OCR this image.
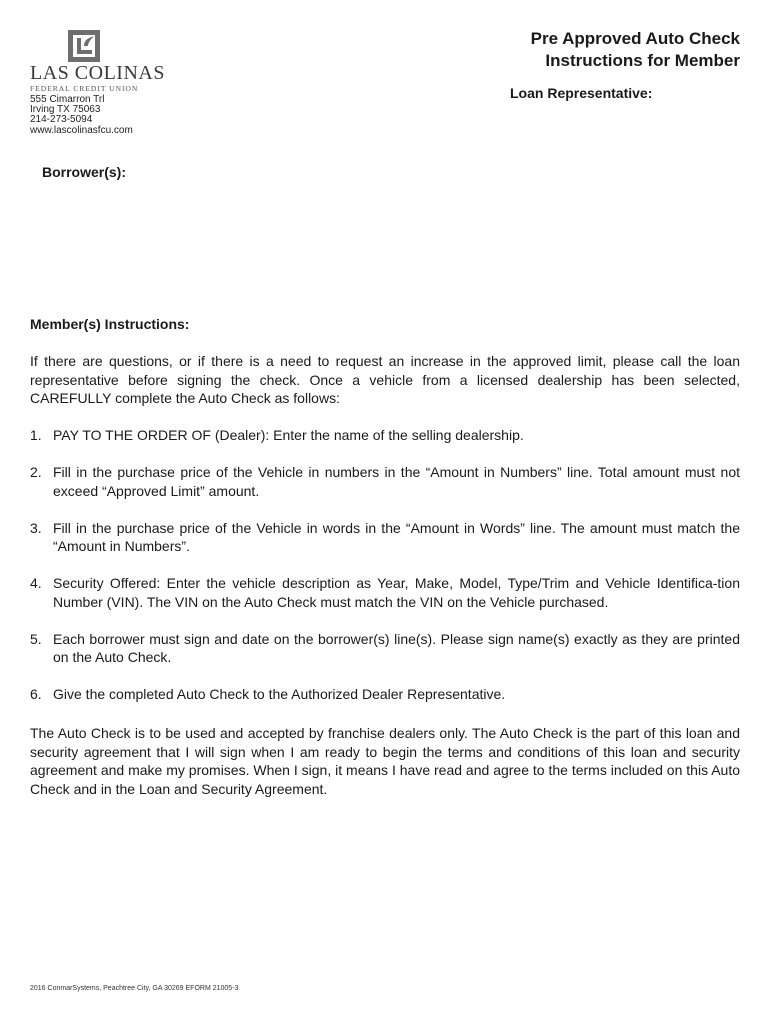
LAS COLINAS
FEDERAL CREDIT UNION
555 Cimarron Trl
Irving TX 75063
214-273-5094
www.lascolinasfcu.com
Pre Approved Auto Check
Instructions for Member
Loan Representative:
Borrower(s):
Member(s) Instructions:
If there are questions, or if there is a need to request an increase in the approved limit, please call the loan representative before signing the check. Once a vehicle from a licensed dealership has been selected, CAREFULLY complete the Auto Check as follows:
1. PAY TO THE ORDER OF (Dealer): Enter the name of the selling dealership.
2. Fill in the purchase price of the Vehicle in numbers in the “Amount in Numbers” line. Total amount must not exceed “Approved Limit” amount.
3. Fill in the purchase price of the Vehicle in words in the “Amount in Words” line. The amount must match the “Amount in Numbers”.
4. Security Offered: Enter the vehicle description as Year, Make, Model, Type/Trim and Vehicle Identifica-tion Number (VIN). The VIN on the Auto Check must match the VIN on the Vehicle purchased.
5. Each borrower must sign and date on the borrower(s) line(s). Please sign name(s) exactly as they are printed on the Auto Check.
6. Give the completed Auto Check to the Authorized Dealer Representative.
The Auto Check is to be used and accepted by franchise dealers only. The Auto Check is the part of this loan and security agreement that I will sign when I am ready to begin the terms and conditions of this loan and security agreement and make my promises. When I sign, it means I have read and agree to the terms included on this Auto Check and in the Loan and Security Agreement.
2016 ConmarSystems, Peachtree City, GA 30269 EFORM 21005-3
